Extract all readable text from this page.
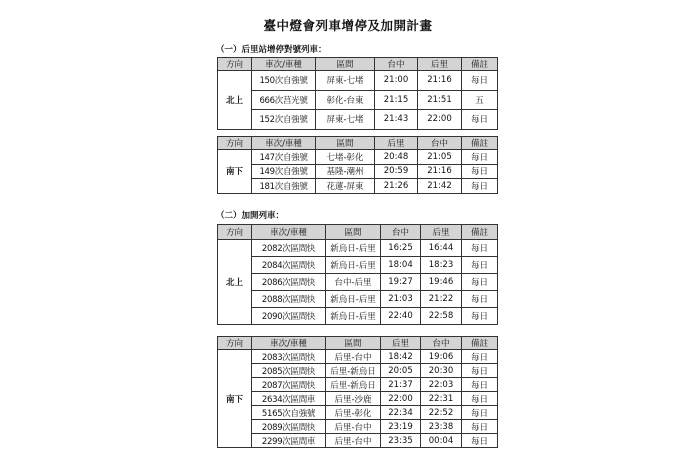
臺中燈會列車增停及加開計畫
（一）后里站增停對號列車：
方向	車次/車種	區間	台中	后里	備註
北上	150次自強號	屏東-七堵	21:00	21:16	每日
	666次莒光號	彰化-台東	21:15	21:51	五
	152次自強號	屏東-七堵	21:43	22:00	每日
方向	車次/車種	區間	后里	台中	備註
南下	147次自強號	七堵-彰化	20:48	21:05	每日
	149次自強號	基隆-潮州	20:59	21:16	每日
	181次自強號	花蓮-屏東	21:26	21:42	每日
（二）加開列車：
方向	車次/車種	區間	台中	后里	備註
北上	2082次區間快	新烏日-后里	16:25	16:44	每日
	2084次區間快	新烏日-后里	18:04	18:23	每日
	2086次區間快	台中-后里	19:27	19:46	每日
	2088次區間快	新烏日-后里	21:03	21:22	每日
	2090次區間快	新烏日-后里	22:40	22:58	每日
方向	車次/車種	區間	后里	台中	備註
南下	2083次區間快	后里-台中	18:42	19:06	每日
	2085次區間快	后里-新烏日	20:05	20:30	每日
	2087次區間快	后里-新烏日	21:37	22:03	每日
	2634次區間車	后里-沙鹿	22:00	22:31	每日
	5165次自強號	后里-彰化	22:34	22:52	每日
	2089次區間快	后里-台中	23:19	23:38	每日
	2299次區間車	后里-台中	23:35	00:04	每日
